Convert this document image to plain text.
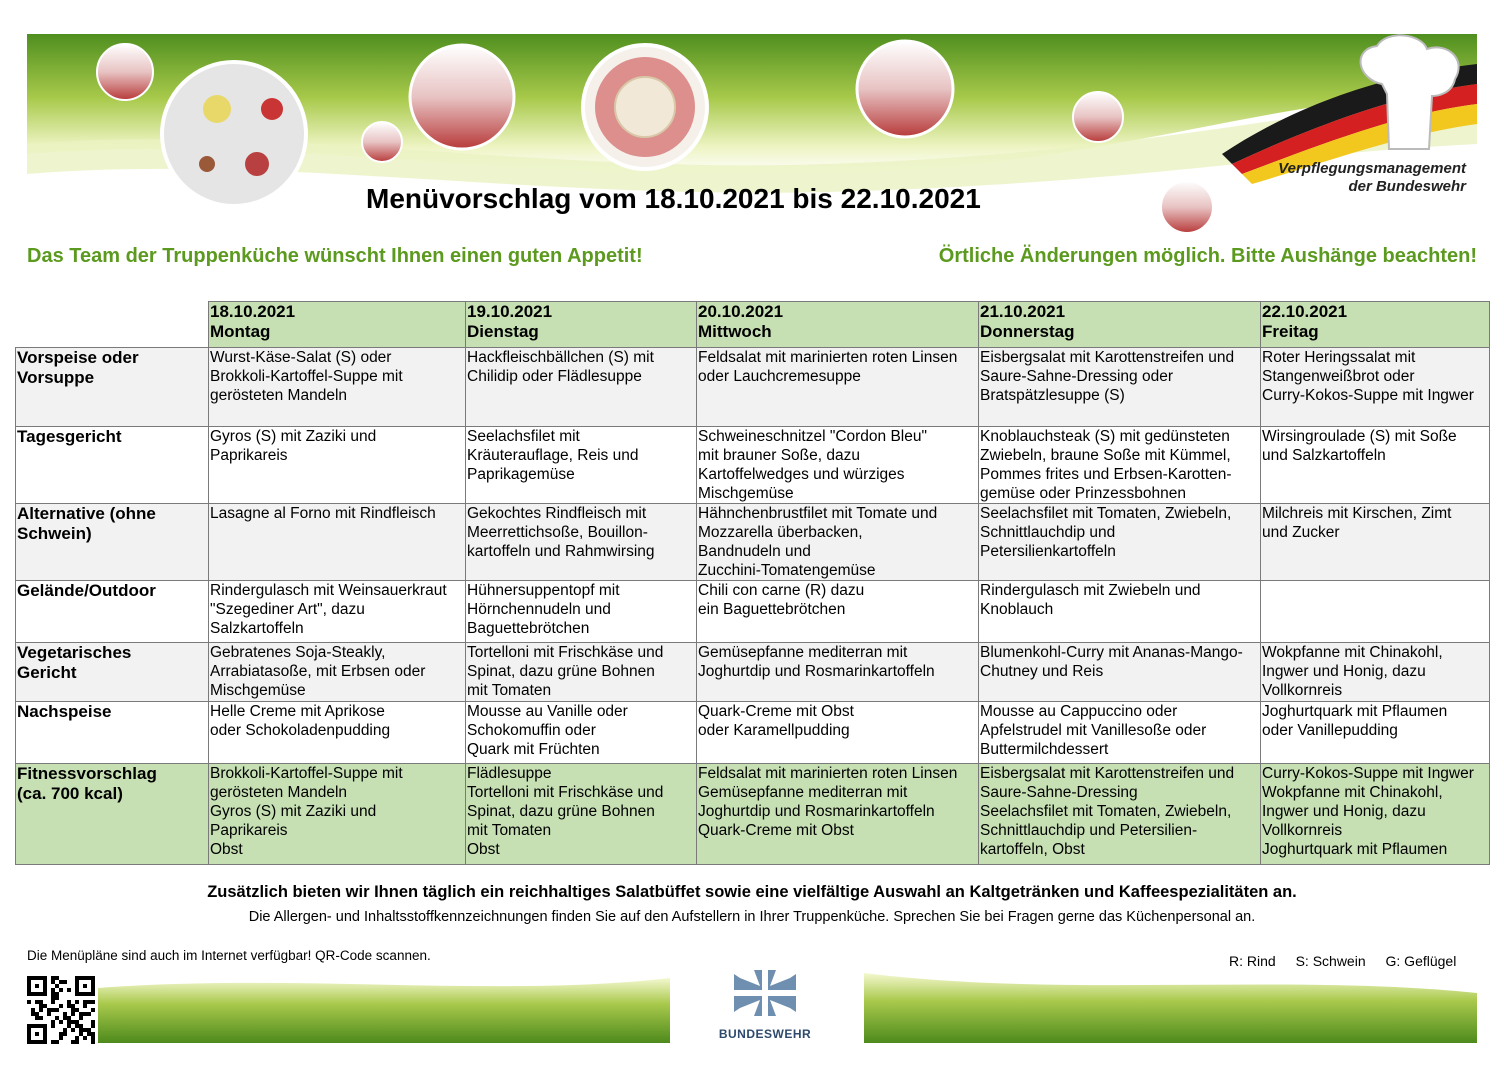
Verpflegungsmanagement
der Bundeswehr
Menüvorschlag vom 18.10.2021 bis 22.10.2021
Das Team der Truppenküche wünscht Ihnen einen guten Appetit!	Örtliche Änderungen möglich. Bitte Aushänge beachten!

	18.10.2021
Montag	19.10.2021
Dienstag	20.10.2021
Mittwoch	21.10.2021
Donnerstag	22.10.2021
Freitag

Vorspeise oder
Vorsuppe	Wurst-Käse-Salat (S) oder
Brokkoli-Kartoffel-Suppe mit
gerösteten Mandeln	Hackfleischbällchen (S) mit
Chilidip oder Flädlesuppe	Feldsalat mit marinierten roten Linsen
oder Lauchcremesuppe	Eisbergsalat mit Karottenstreifen und
Saure-Sahne-Dressing oder
Bratspätzlesuppe (S)	Roter Heringssalat mit
Stangenweißbrot oder
Curry-Kokos-Suppe mit Ingwer

Tagesgericht	Gyros (S) mit Zaziki und
Paprikareis	Seelachsfilet mit
Kräuterauflage, Reis und
Paprikagemüse	Schweineschnitzel "Cordon Bleu"
mit brauner Soße, dazu
Kartoffelwedges und würziges
Mischgemüse	Knoblauchsteak (S) mit gedünsteten
Zwiebeln, braune Soße mit Kümmel,
Pommes frites und Erbsen-Karotten-
gemüse oder Prinzessbohnen	Wirsingroulade (S) mit Soße
und Salzkartoffeln

Alternative (ohne
Schwein)	Lasagne al Forno mit Rindfleisch	Gekochtes Rindfleisch mit
Meerrettichsoße, Bouillon-
kartoffeln und Rahmwirsing	Hähnchenbrustfilet mit Tomate und
Mozzarella überbacken,
Bandnudeln und
Zucchini-Tomatengemüse	Seelachsfilet mit Tomaten, Zwiebeln,
Schnittlauchdip und
Petersilienkartoffeln	Milchreis mit Kirschen, Zimt
und Zucker

Gelände/Outdoor	Rindergulasch mit Weinsauerkraut
"Szegediner Art", dazu
Salzkartoffeln	Hühnersuppentopf mit
Hörnchennudeln und
Baguettebrötchen	Chili con carne (R) dazu
ein Baguettebrötchen	Rindergulasch mit Zwiebeln und
Knoblauch	

Vegetarisches
Gericht	Gebratenes Soja-Steakly,
Arrabiatasoße, mit Erbsen oder
Mischgemüse	Tortelloni mit Frischkäse und
Spinat, dazu grüne Bohnen
mit Tomaten	Gemüsepfanne mediterran mit
Joghurtdip und Rosmarinkartoffeln	Blumenkohl-Curry mit Ananas-Mango-
Chutney und Reis	Wokpfanne mit Chinakohl,
Ingwer und Honig, dazu
Vollkornreis

Nachspeise	Helle Creme mit Aprikose
oder Schokoladenpudding	Mousse au Vanille oder
Schokomuffin oder
Quark mit Früchten	Quark-Creme mit Obst
oder Karamellpudding	Mousse au Cappuccino oder
Apfelstrudel mit Vanillesoße oder
Buttermilchdessert	Joghurtquark mit Pflaumen
oder Vanillepudding

Fitnessvorschlag
(ca. 700 kcal)	Brokkoli-Kartoffel-Suppe mit
gerösteten Mandeln
Gyros (S) mit Zaziki und
Paprikareis
Obst	Flädlesuppe
Tortelloni mit Frischkäse und
Spinat, dazu grüne Bohnen
mit Tomaten
Obst	Feldsalat mit marinierten roten Linsen
Gemüsepfanne mediterran mit
Joghurtdip und Rosmarinkartoffeln
Quark-Creme mit Obst	Eisbergsalat mit Karottenstreifen und
Saure-Sahne-Dressing
Seelachsfilet mit Tomaten, Zwiebeln,
Schnittlauchdip und Petersilien-
kartoffeln, Obst	Curry-Kokos-Suppe mit Ingwer
Wokpfanne mit Chinakohl,
Ingwer und Honig, dazu
Vollkornreis
Joghurtquark mit Pflaumen
Zusätzlich bieten wir Ihnen täglich ein reichhaltiges Salatbüffet sowie eine vielfältige Auswahl an Kaltgetränken und Kaffeespezialitäten an.
Die Allergen- und Inhaltsstoffkennzeichnungen finden Sie auf den Aufstellern in Ihrer Truppenküche. Sprechen Sie bei Fragen gerne das Küchenpersonal an.
Die Menüpläne sind auch im Internet verfügbar! QR-Code scannen.	R: Rind S: Schwein G: Geflügel
BUNDESWEHR
